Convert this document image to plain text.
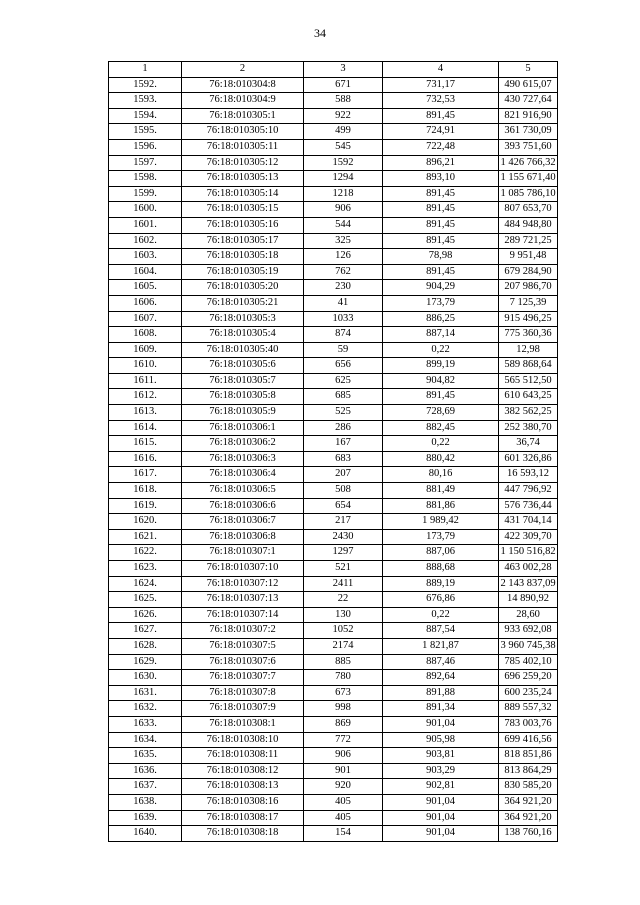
34
1	2	3	4	5
1592.	76:18:010304:8	671	731,17	490 615,07
1593.	76:18:010304:9	588	732,53	430 727,64
1594.	76:18:010305:1	922	891,45	821 916,90
1595.	76:18:010305:10	499	724,91	361 730,09
1596.	76:18:010305:11	545	722,48	393 751,60
1597.	76:18:010305:12	1592	896,21	1 426 766,32
1598.	76:18:010305:13	1294	893,10	1 155 671,40
1599.	76:18:010305:14	1218	891,45	1 085 786,10
1600.	76:18:010305:15	906	891,45	807 653,70
1601.	76:18:010305:16	544	891,45	484 948,80
1602.	76:18:010305:17	325	891,45	289 721,25
1603.	76:18:010305:18	126	78,98	9 951,48
1604.	76:18:010305:19	762	891,45	679 284,90
1605.	76:18:010305:20	230	904,29	207 986,70
1606.	76:18:010305:21	41	173,79	7 125,39
1607.	76:18:010305:3	1033	886,25	915 496,25
1608.	76:18:010305:4	874	887,14	775 360,36
1609.	76:18:010305:40	59	0,22	12,98
1610.	76:18:010305:6	656	899,19	589 868,64
1611.	76:18:010305:7	625	904,82	565 512,50
1612.	76:18:010305:8	685	891,45	610 643,25
1613.	76:18:010305:9	525	728,69	382 562,25
1614.	76:18:010306:1	286	882,45	252 380,70
1615.	76:18:010306:2	167	0,22	36,74
1616.	76:18:010306:3	683	880,42	601 326,86
1617.	76:18:010306:4	207	80,16	16 593,12
1618.	76:18:010306:5	508	881,49	447 796,92
1619.	76:18:010306:6	654	881,86	576 736,44
1620.	76:18:010306:7	217	1 989,42	431 704,14
1621.	76:18:010306:8	2430	173,79	422 309,70
1622.	76:18:010307:1	1297	887,06	1 150 516,82
1623.	76:18:010307:10	521	888,68	463 002,28
1624.	76:18:010307:12	2411	889,19	2 143 837,09
1625.	76:18:010307:13	22	676,86	14 890,92
1626.	76:18:010307:14	130	0,22	28,60
1627.	76:18:010307:2	1052	887,54	933 692,08
1628.	76:18:010307:5	2174	1 821,87	3 960 745,38
1629.	76:18:010307:6	885	887,46	785 402,10
1630.	76:18:010307:7	780	892,64	696 259,20
1631.	76:18:010307:8	673	891,88	600 235,24
1632.	76:18:010307:9	998	891,34	889 557,32
1633.	76:18:010308:1	869	901,04	783 003,76
1634.	76:18:010308:10	772	905,98	699 416,56
1635.	76:18:010308:11	906	903,81	818 851,86
1636.	76:18:010308:12	901	903,29	813 864,29
1637.	76:18:010308:13	920	902,81	830 585,20
1638.	76:18:010308:16	405	901,04	364 921,20
1639.	76:18:010308:17	405	901,04	364 921,20
1640.	76:18:010308:18	154	901,04	138 760,16
